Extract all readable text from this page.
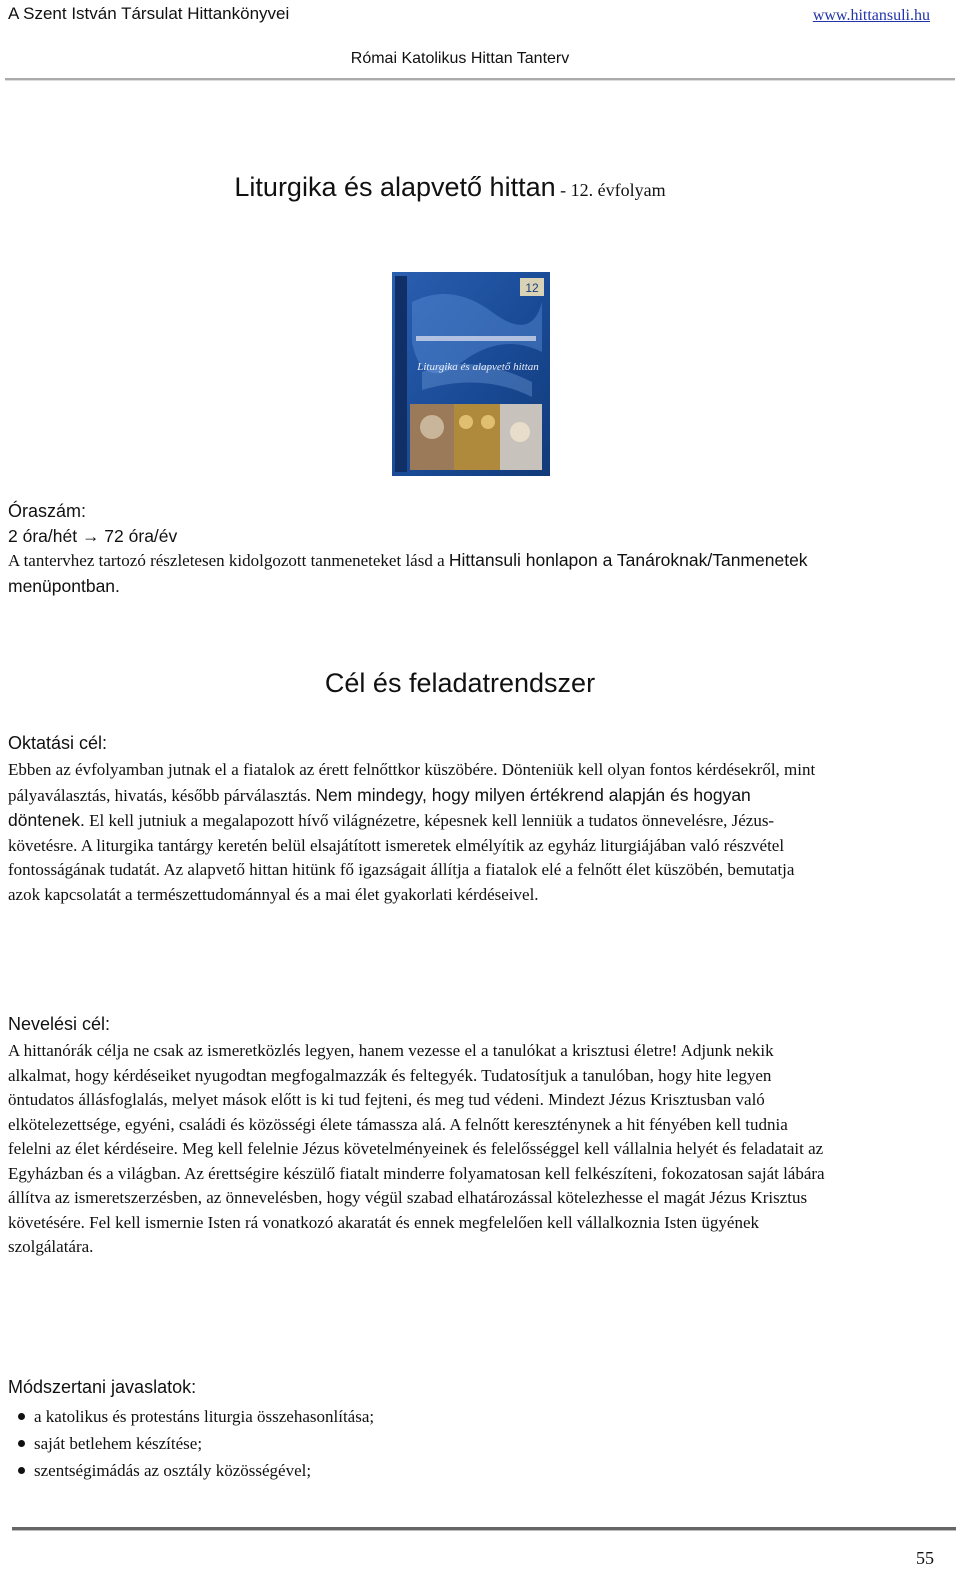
A Szent István Társulat Hittankönyvei	www.hittansuli.hu
Római Katolikus Hittan Tanterv
Liturgika és alapvető hittan - 12. évfolyam
12
Liturgika és alapvető hittan
Óraszám:
2 óra/hét → 72 óra/év
A tantervhez tartozó részletesen kidolgozott tanmeneteket lásd a Hittansuli honlapon a Tanároknak/Tanmenetek menüpontban.
Cél és feladatrendszer
Oktatási cél:
Ebben az évfolyamban jutnak el a fiatalok az érett felnőttkor küszöbére. Dönteniük kell olyan fontos kérdésekről, mint pályaválasztás, hivatás, később párválasztás. Nem mindegy, hogy milyen értékrend alapján és hogyan döntenek. El kell jutniuk a megalapozott hívő világnézetre, képesnek kell lenniük a tudatos önnevelésre, Jézus-követésre. A liturgika tantárgy keretén belül elsajátított ismeretek elmélyítik az egyház liturgiájában való részvétel fontosságának tudatát. Az alapvető hittan hitünk fő igazságait állítja a fiatalok elé a felnőtt élet küszöbén, bemutatja azok kapcsolatát a természettudománnyal és a mai élet gyakorlati kérdéseivel.
Nevelési cél:
A hittanórák célja ne csak az ismeretközlés legyen, hanem vezesse el a tanulókat a krisztusi életre! Adjunk nekik alkalmat, hogy kérdéseiket nyugodtan megfogalmazzák és feltegyék. Tudatosítjuk a tanulóban, hogy hite legyen öntudatos állásfoglalás, melyet mások előtt is ki tud fejteni, és meg tud védeni. Mindezt Jézus Krisztusban való elkötelezettsége, egyéni, családi és közösségi élete támassza alá. A felnőtt kereszténynek a hit fényében kell tudnia felelni az élet kérdéseire. Meg kell felelnie Jézus követelményeinek és felelősséggel kell vállalnia helyét és feladatait az Egyházban és a világban. Az érettségire készülő fiatalt minderre folyamatosan kell felkészíteni, fokozatosan saját lábára állítva az ismeretszerzésben, az önnevelésben, hogy végül szabad elhatározással kötelezhesse el magát Jézus Krisztus követésére. Fel kell ismernie Isten rá vonatkozó akaratát és ennek megfelelően kell vállalkoznia Isten ügyének szolgálatára.
Módszertani javaslatok:
a katolikus és protestáns liturgia összehasonlítása;
saját betlehem készítése;
szentségimádás az osztály közösségével;
55
